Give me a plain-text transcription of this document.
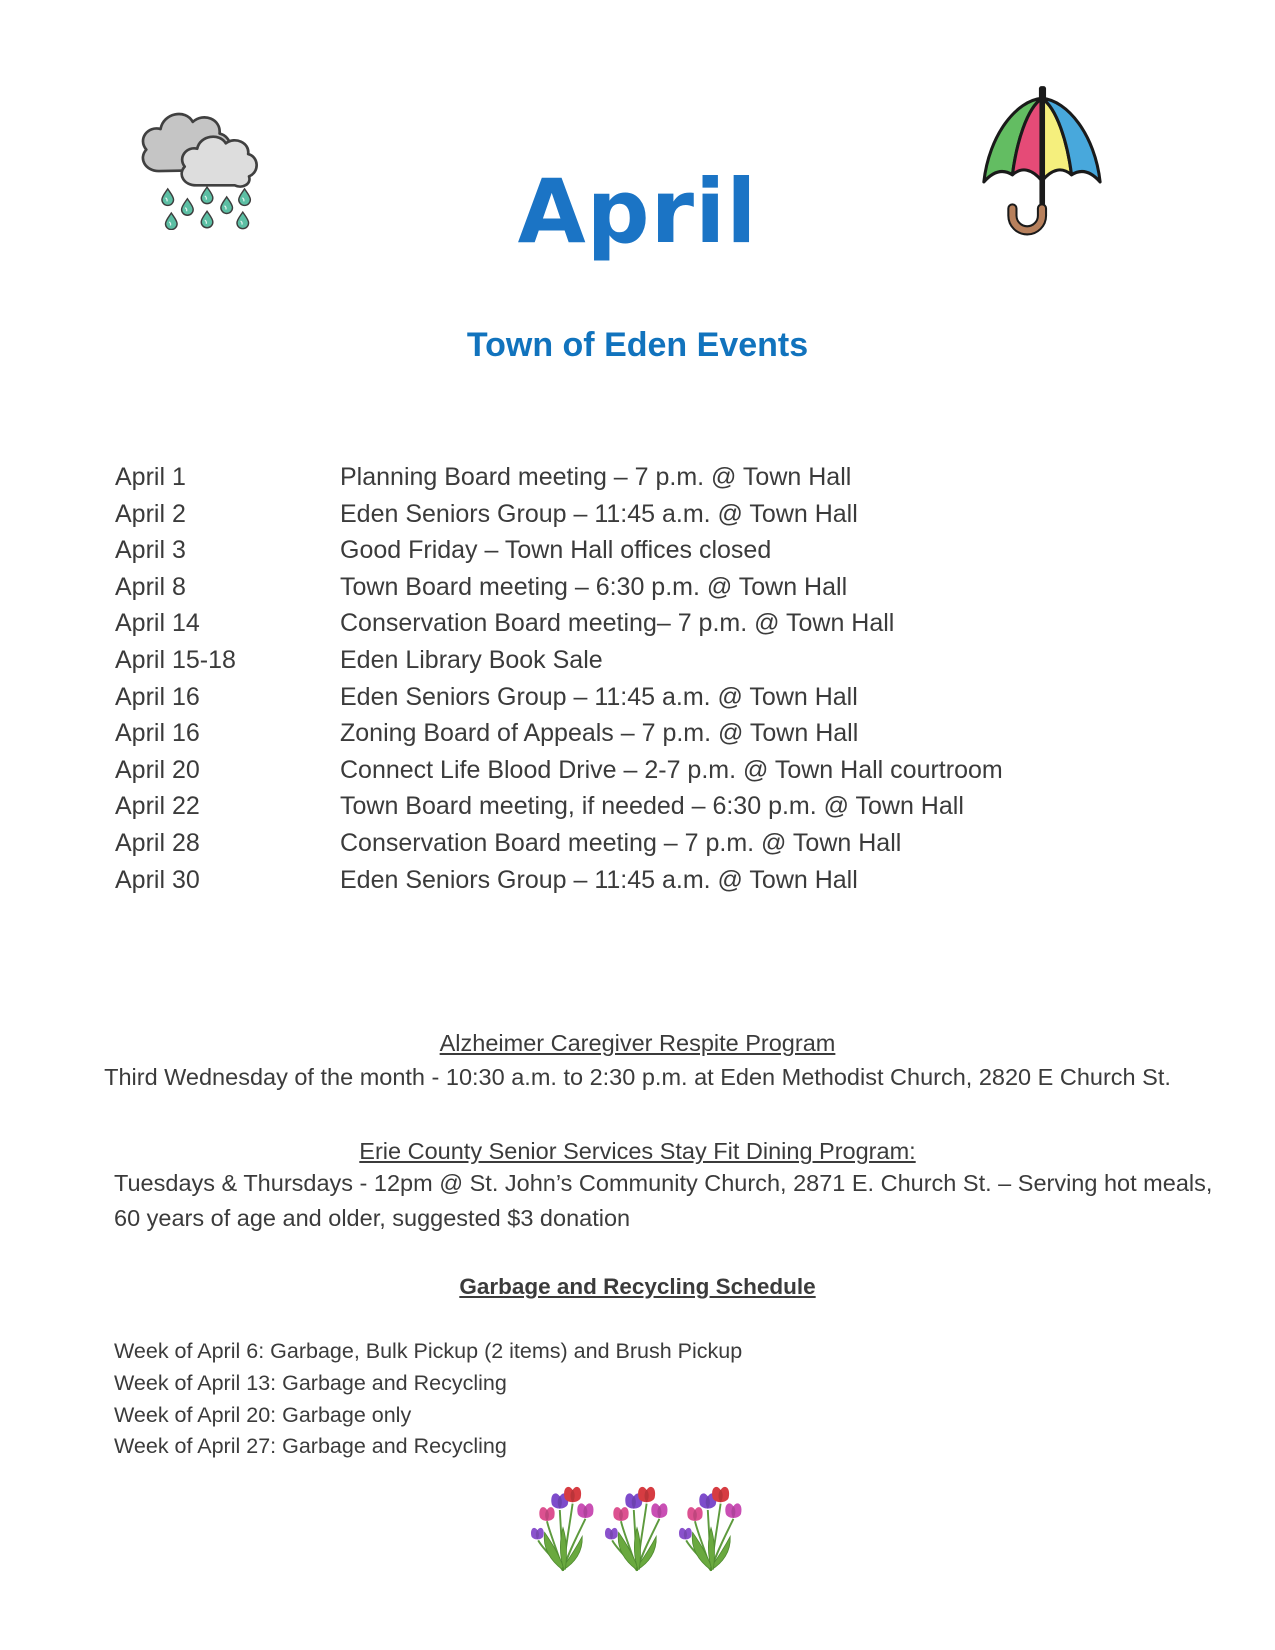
April
Town of Eden Events
April 1	Planning Board meeting – 7 p.m. @ Town Hall
April 2	Eden Seniors Group – 11:45 a.m. @ Town Hall
April 3	Good Friday – Town Hall offices closed
April 8	Town Board meeting – 6:30 p.m. @ Town Hall
April 14	Conservation Board meeting– 7 p.m. @ Town Hall
April 15-18	Eden Library Book Sale
April 16	Eden Seniors Group – 11:45 a.m. @ Town Hall
April 16	Zoning Board of Appeals – 7 p.m. @ Town Hall
April 20	Connect Life Blood Drive – 2-7 p.m. @ Town Hall courtroom
April 22	Town Board meeting, if needed – 6:30 p.m. @ Town Hall
April 28	Conservation Board meeting – 7 p.m. @ Town Hall
April 30	Eden Seniors Group – 11:45 a.m. @ Town Hall
Alzheimer Caregiver Respite Program
Third Wednesday of the month - 10:30 a.m. to 2:30 p.m. at Eden Methodist Church, 2820 E Church St.
Erie County Senior Services Stay Fit Dining Program:
Tuesdays & Thursdays - 12pm @ St. John’s Community Church, 2871 E. Church St. – Serving hot meals,
60 years of age and older, suggested $3 donation
Garbage and Recycling Schedule
Week of April 6: Garbage, Bulk Pickup (2 items) and Brush Pickup
Week of April 13: Garbage and Recycling
Week of April 20: Garbage only
Week of April 27: Garbage and Recycling
